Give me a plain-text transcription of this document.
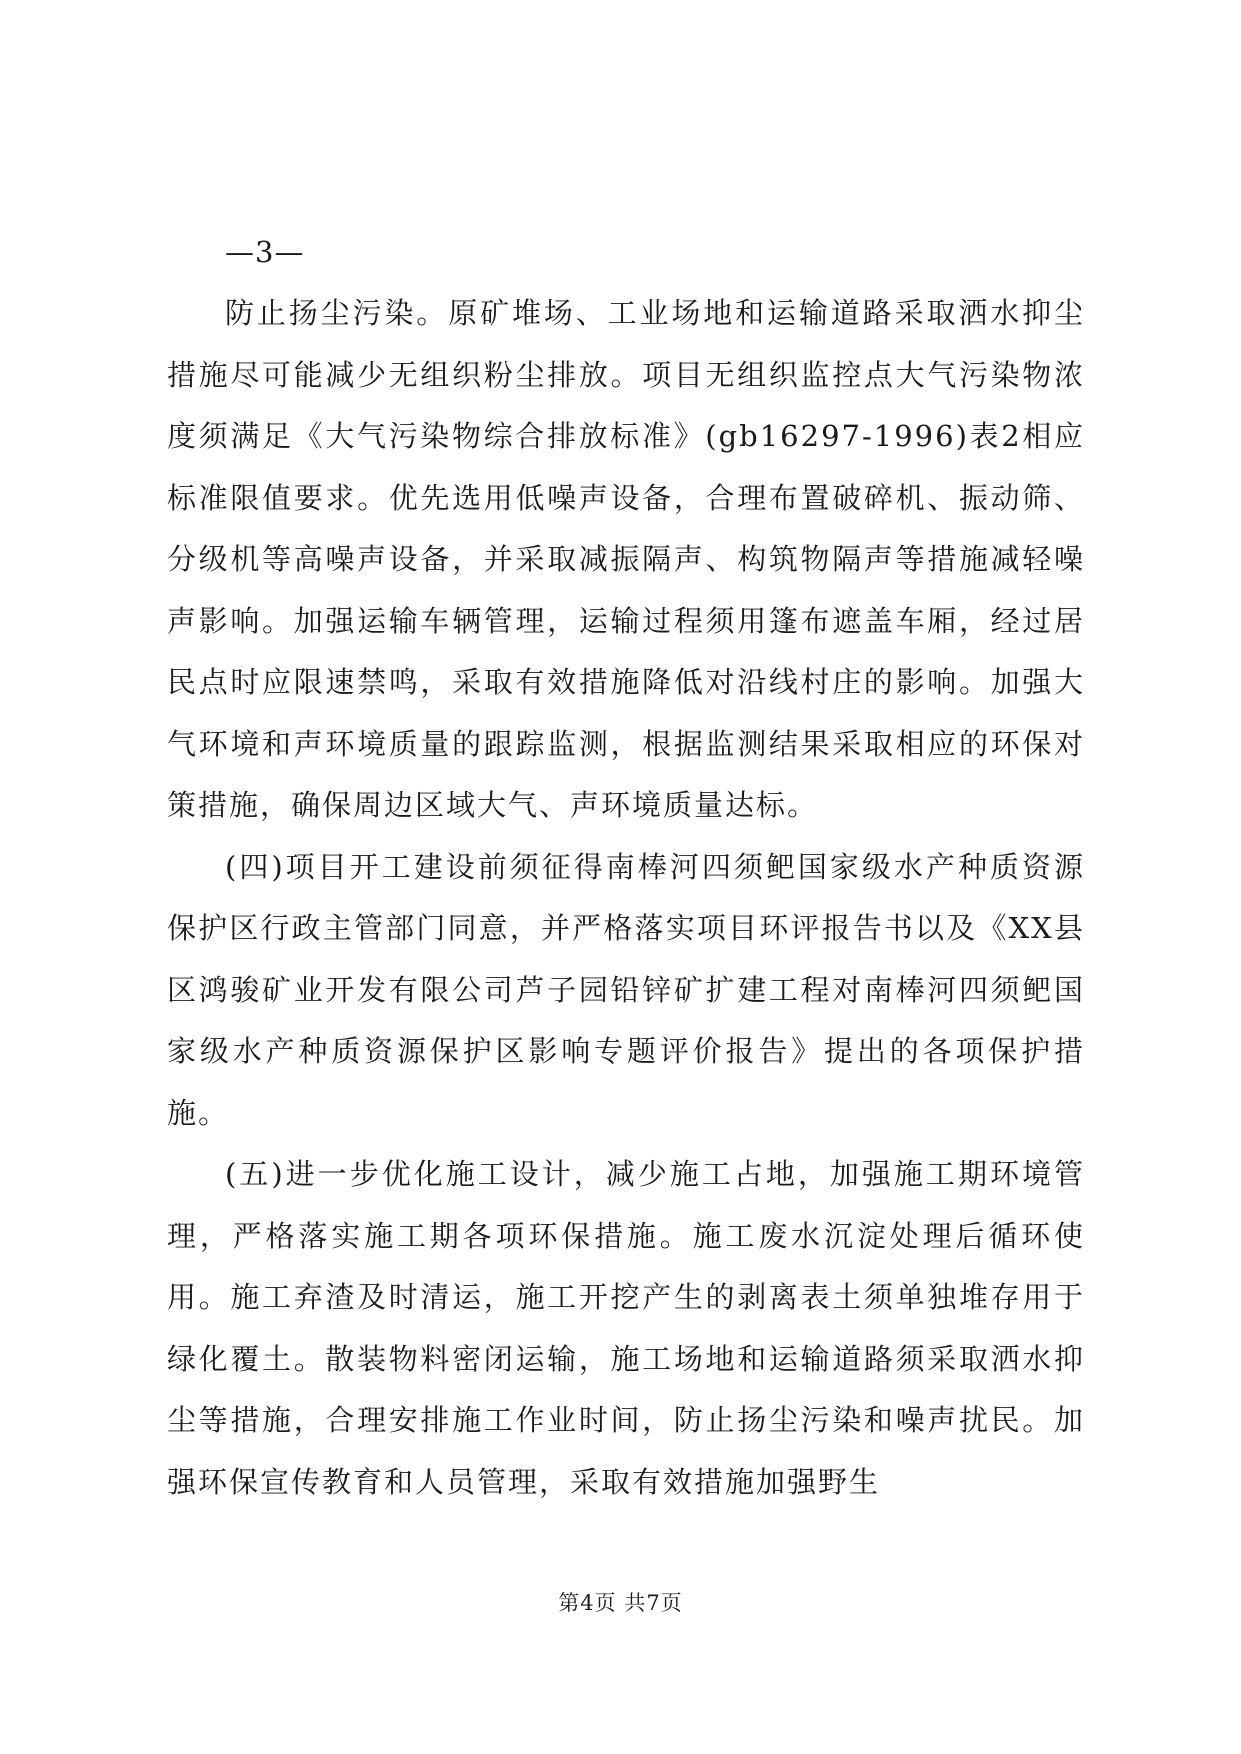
—3—

防止扬尘污染。原矿堆场、工业场地和运输道路采取洒水抑尘措施尽可能减少无组织粉尘排放。项目无组织监控点大气污染物浓度须满足《大气污染物综合排放标准》(gb16297-1996)表2相应标准限值要求。优先选用低噪声设备，合理布置破碎机、振动筛、分级机等高噪声设备，并采取减振隔声、构筑物隔声等措施减轻噪声影响。加强运输车辆管理，运输过程须用篷布遮盖车厢，经过居民点时应限速禁鸣，采取有效措施降低对沿线村庄的影响。加强大气环境和声环境质量的跟踪监测，根据监测结果采取相应的环保对策措施，确保周边区域大气、声环境质量达标。

(四)项目开工建设前须征得南棒河四须鲃国家级水产种质资源保护区行政主管部门同意，并严格落实项目环评报告书以及《XX县区鸿骏矿业开发有限公司芦子园铅锌矿扩建工程对南棒河四须鲃国家级水产种质资源保护区影响专题评价报告》提出的各项保护措施。

(五)进一步优化施工设计，减少施工占地，加强施工期环境管理，严格落实施工期各项环保措施。施工废水沉淀处理后循环使用。施工弃渣及时清运，施工开挖产生的剥离表土须单独堆存用于绿化覆土。散装物料密闭运输，施工场地和运输道路须采取洒水抑尘等措施，合理安排施工作业时间，防止扬尘污染和噪声扰民。加强环保宣传教育和人员管理，采取有效措施加强野生

第4页 共7页
